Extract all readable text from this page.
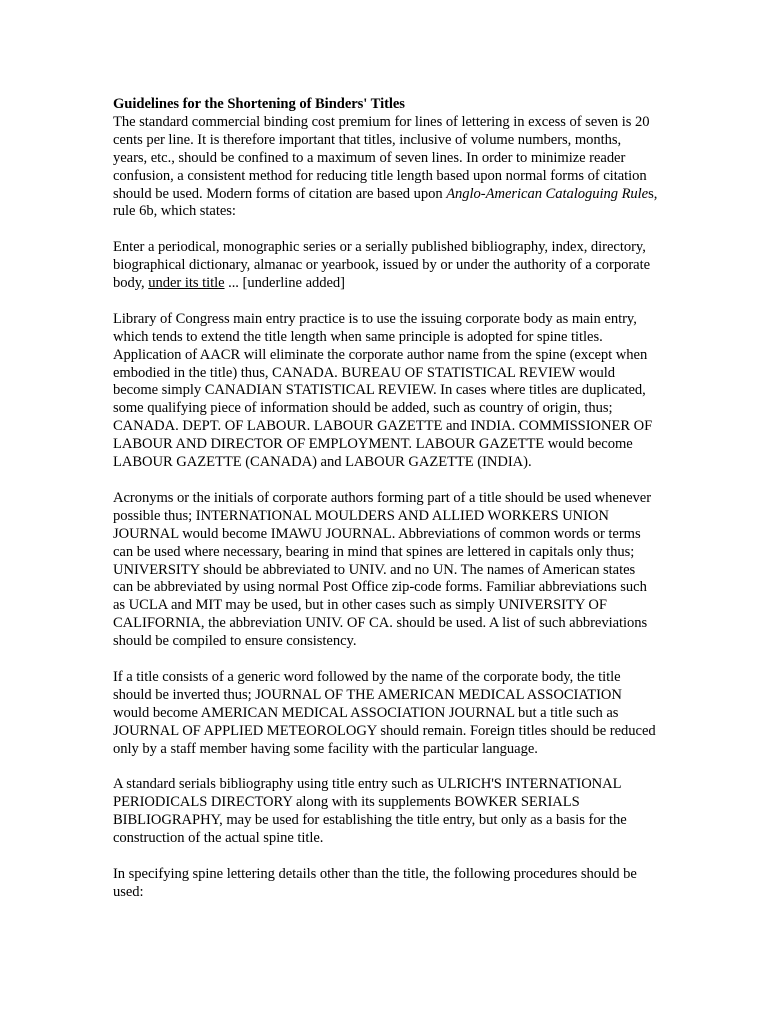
Guidelines for the Shortening of Binders' Titles

The standard commercial binding cost premium for lines of lettering in excess of seven is 20 cents per line. It is therefore important that titles, inclusive of volume numbers, months, years, etc., should be confined to a maximum of seven lines. In order to minimize reader confusion, a consistent method for reducing title length based upon normal forms of citation should be used. Modern forms of citation are based upon Anglo-American Cataloguing Rules, rule 6b, which states:

Enter a periodical, monographic series or a serially published bibliography, index, directory, biographical dictionary, almanac or yearbook, issued by or under the authority of a corporate body, under its title ... [underline added]

Library of Congress main entry practice is to use the issuing corporate body as main entry, which tends to extend the title length when same principle is adopted for spine titles. Application of AACR will eliminate the corporate author name from the spine (except when embodied in the title) thus, CANADA. BUREAU OF STATISTICAL REVIEW would become simply CANADIAN STATISTICAL REVIEW. In cases where titles are duplicated, some qualifying piece of information should be added, such as country of origin, thus; CANADA. DEPT. OF LABOUR. LABOUR GAZETTE and INDIA. COMMISSIONER OF LABOUR AND DIRECTOR OF EMPLOYMENT. LABOUR GAZETTE would become LABOUR GAZETTE (CANADA) and LABOUR GAZETTE (INDIA).

Acronyms or the initials of corporate authors forming part of a title should be used whenever possible thus; INTERNATIONAL MOULDERS AND ALLIED WORKERS UNION JOURNAL would become IMAWU JOURNAL. Abbreviations of common words or terms can be used where necessary, bearing in mind that spines are lettered in capitals only thus; UNIVERSITY should be abbreviated to UNIV. and no UN. The names of American states can be abbreviated by using normal Post Office zip-code forms. Familiar abbreviations such as UCLA and MIT may be used, but in other cases such as simply UNIVERSITY OF CALIFORNIA, the abbreviation UNIV. OF CA. should be used. A list of such abbreviations should be compiled to ensure consistency.

If a title consists of a generic word followed by the name of the corporate body, the title should be inverted thus; JOURNAL OF THE AMERICAN MEDICAL ASSOCIATION would become AMERICAN MEDICAL ASSOCIATION JOURNAL but a title such as JOURNAL OF APPLIED METEOROLOGY should remain. Foreign titles should be reduced only by a staff member having some facility with the particular language.

A standard serials bibliography using title entry such as ULRICH'S INTERNATIONAL PERIODICALS DIRECTORY along with its supplements BOWKER SERIALS BIBLIOGRAPHY, may be used for establishing the title entry, but only as a basis for the construction of the actual spine title.

In specifying spine lettering details other than the title, the following procedures should be used:
